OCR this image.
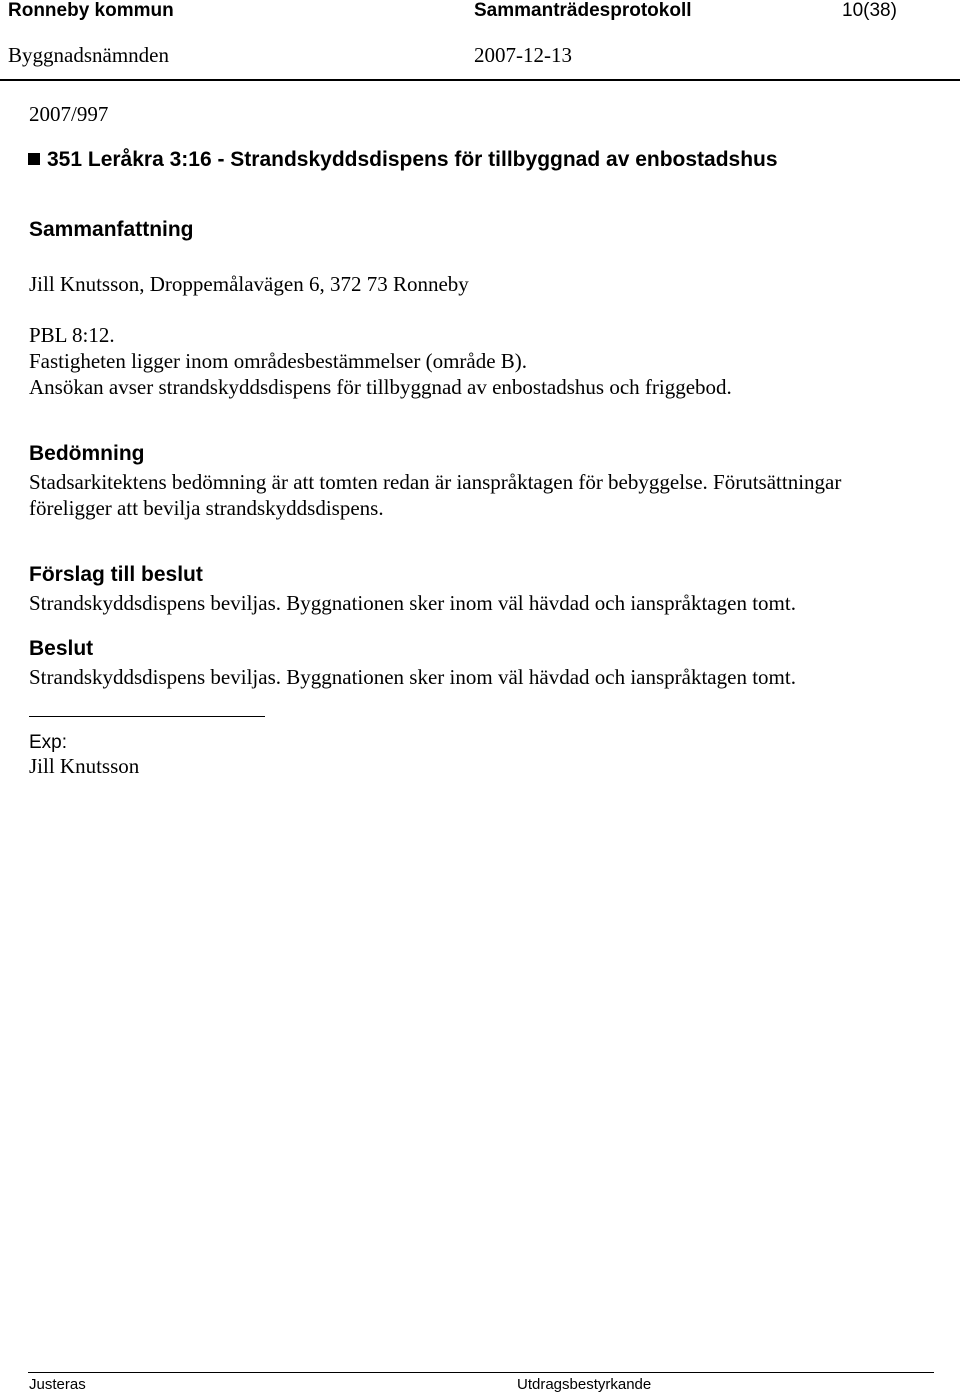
Ronneby kommun	Sammanträdesprotokoll	10(38)
Byggnadsnämnden	2007-12-13
2007/997
351 Leråkra 3:16 - Strandskyddsdispens för tillbyggnad av enbostadshus
Sammanfattning
Jill Knutsson, Droppemålavägen 6, 372 73 Ronneby
PBL 8:12.
Fastigheten ligger inom områdesbestämmelser (område B).
Ansökan avser strandskyddsdispens för tillbyggnad av enbostadshus och friggebod.
Bedömning
Stadsarkitektens bedömning är att tomten redan är ianspråktagen för bebyggelse. Förutsättningar
föreligger att bevilja strandskyddsdispens.
Förslag till beslut
Strandskyddsdispens beviljas. Byggnationen sker inom väl hävdad och ianspråktagen tomt.
Beslut
Strandskyddsdispens beviljas. Byggnationen sker inom väl hävdad och ianspråktagen tomt.
Exp:
Jill Knutsson
Justeras	Utdragsbestyrkande
